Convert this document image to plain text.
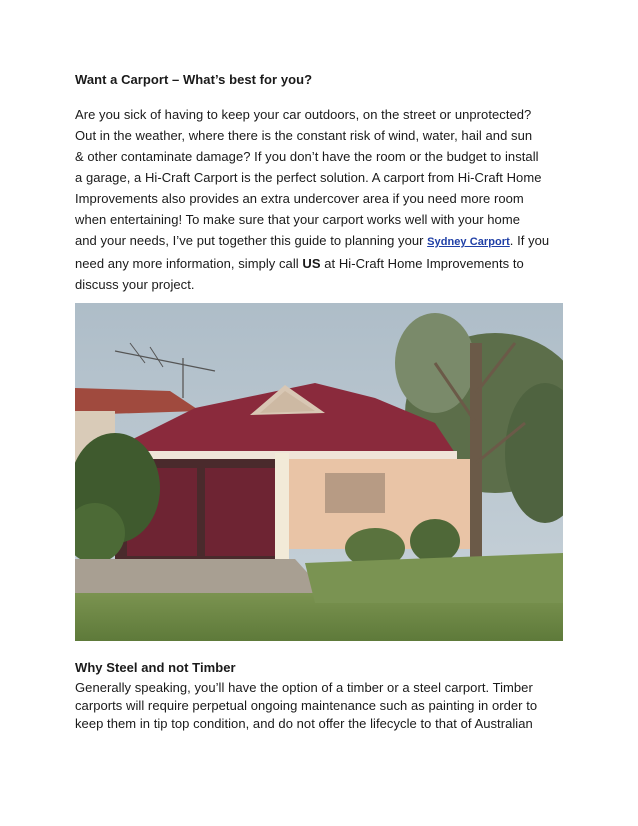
Want a Carport – What’s best for you?
Are you sick of having to keep your car outdoors, on the street or unprotected?
Out in the weather, where there is the constant risk of wind, water, hail and sun
& other contaminate damage? If you don’t have the room or the budget to install
a garage, a Hi-Craft Carport is the perfect solution. A carport from Hi-Craft Home
Improvements also provides an extra undercover area if you need more room
when entertaining! To make sure that your carport works well with your home
and your needs, I’ve put together this guide to planning your Sydney Carport. If you
need any more information, simply call US at Hi-Craft Home Improvements to
discuss your project.
Why Steel and not Timber
Generally speaking, you’ll have the option of a timber or a steel carport. Timber
carports will require perpetual ongoing maintenance such as painting in order to
keep them in tip top condition, and do not offer the lifecycle to that of Australian
